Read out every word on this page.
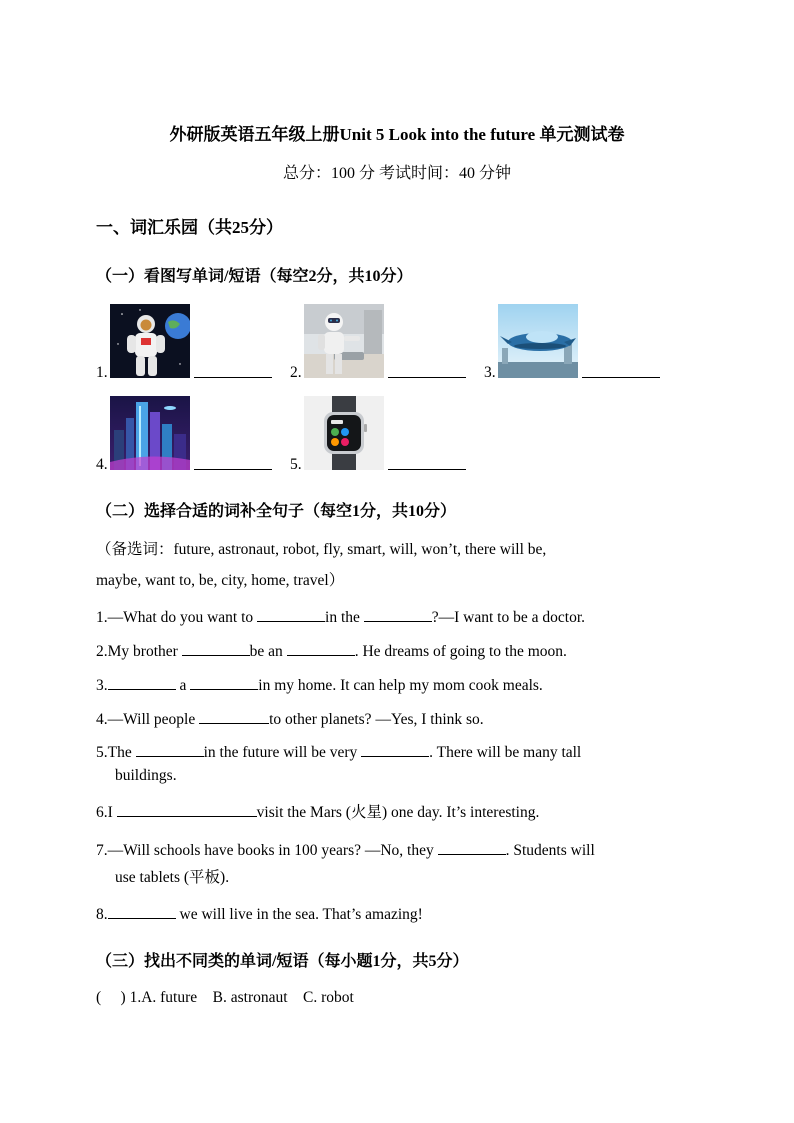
外研版英语五年级上册Unit 5 Look into the future 单元测试卷
总分：100 分 考试时间：40 分钟
一、词汇乐园（共25分）
（一）看图写单词/短语（每空2分，共10分）
1.	2.	3.
4.	5.
（二）选择合适的词补全句子（每空1分，共10分）
（备选词：future, astronaut, robot, fly, smart, will, won’t, there will be,
maybe, want to, be, city, home, travel）
1.—What do you want to	in the	?—I want to be a doctor.
2.My brother	be an	. He dreams of going to the moon.
3.	a	in my home. It can help my mom cook meals.
4.—Will people	to other planets? —Yes, I think so.
5.The	in the future will be very	. There will be many tall
buildings.
6.I	visit the Mars (火星) one day. It’s interesting.
7.—Will schools have books in 100 years? —No, they	. Students will
use tablets (平板).
8.	we will live in the sea. That’s amazing!
（三）找出不同类的单词/短语（每小题1分，共5分）
(     ) 1.A. future    B. astronaut    C. robot
